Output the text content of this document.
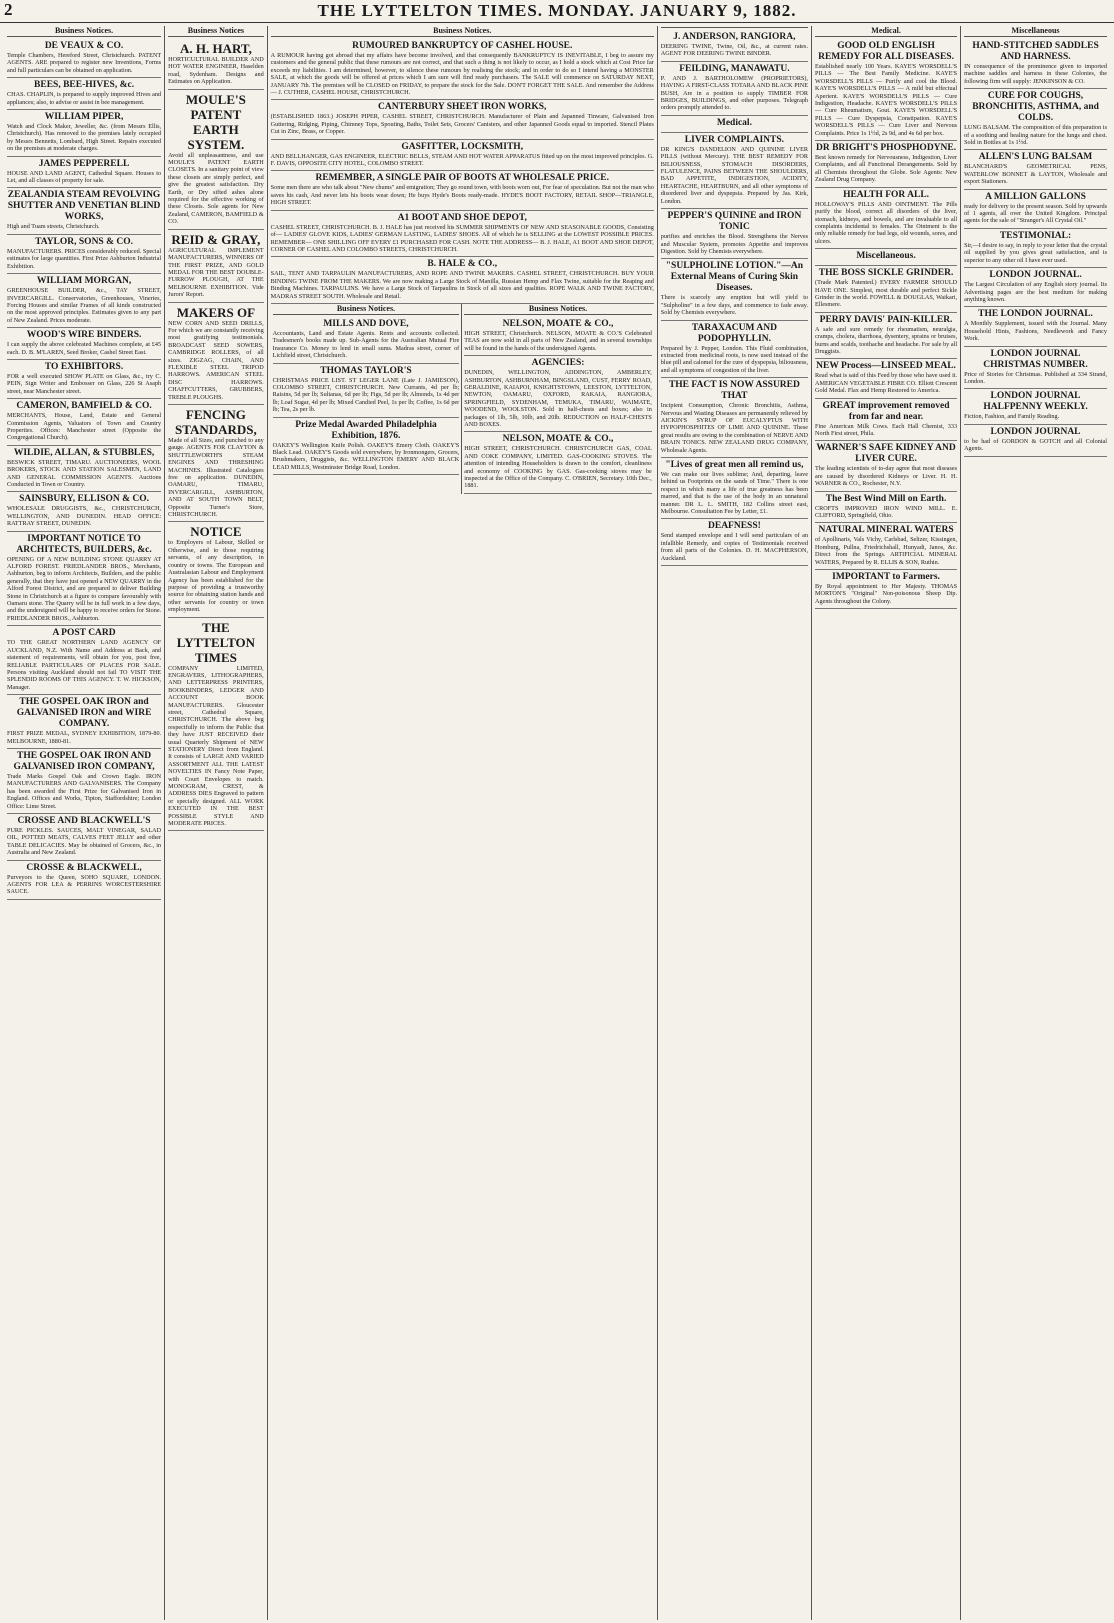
2	THE LYTTELTON TIMES. MONDAY. JANUARY 9, 1882.
Business Notices.
DE VEAUX & CO.
Temple Chambers, Hereford Street, Christchurch. PATENT AGENTS. ARE prepared to register new Inventions, Forms and full particulars can be obtained on application.
BEES, BEE-HIVES, &c.
CHAS. CHAPLIN, is prepared to supply improved Hives and appliances; also, to advise or assist in bee management.
WILLIAM PIPER,
Watch and Clock Maker, Jeweller, &c. (from Messrs Ellis, Christchurch). Has removed to the premises lately occupied by Messrs Bennetts, Lombard, High Street. Repairs executed on the premises at moderate charges.
JAMES PEPPERELL
HOUSE AND LAND AGENT, Cathedral Square. Houses to Let, and all classes of property for sale.
ZEALANDIA STEAM REVOLVING SHUTTER AND VENETIAN BLIND WORKS,
High and Tuam streets, Christchurch.
TAYLOR, SONS & CO.
MANUFACTURERS. PRICES considerably reduced. Special estimates for large quantities. First Prize Ashburton Industrial Exhibition.
WILLIAM MORGAN,
GREENHOUSE BUILDER, &c., TAY STREET, INVERCARGILL. Conservatories, Greenhouses, Vineries, Forcing Houses and similar Frames of all kinds constructed on the most approved principles. Estimates given to any part of New Zealand. Prices moderate.
WOOD'S WIRE BINDERS.
I can supply the above celebrated Machines complete, at £45 each. D. B. M'LAREN, Seed Broker, Cashel Street East.
TO EXHIBITORS.
FOR a well executed SHOW PLATE on Glass, &c., try C. PEIN, Sign Writer and Embosser on Glass, 226 St Asaph street, near Manchester street.
CAMERON, BAMFIELD & CO.
MERCHANTS, House, Land, Estate and General Commission Agents, Valuators of Town and Country Properties. Offices: Manchester street (Opposite the Congregational Church).
WILDIE, ALLAN, & STUBBLES,
BESWICK STREET, TIMARU. AUCTIONEERS, WOOL BROKERS, STOCK AND STATION SALESMEN, LAND AND GENERAL COMMISSION AGENTS. Auctions Conducted in Town or Country.
SAINSBURY, ELLISON & CO.
WHOLESALE DRUGGISTS, &c., CHRISTCHURCH, WELLINGTON, AND DUNEDIN. HEAD OFFICE: RATTRAY STREET, DUNEDIN.
IMPORTANT NOTICE TO ARCHITECTS, BUILDERS, &c.
OPENING OF A NEW BUILDING STONE QUARRY AT ALFORD FOREST. FRIEDLANDER BROS., Merchants, Ashburton, beg to inform Architects, Builders, and the public generally, that they have just opened a NEW QUARRY in the Alford Forest District, and are prepared to deliver Building Stone in Christchurch at a figure to compare favourably with Oamaru stone. The Quarry will be in full work in a few days, and the undersigned will be happy to receive orders for Stone. FRIEDLANDER BROS., Ashburton.
A POST CARD
TO THE GREAT NORTHERN LAND AGENCY OF AUCKLAND, N.Z. With Name and Address at Back, and statement of requirements, will obtain for you, post free, RELIABLE PARTICULARS OF PLACES FOR SALE. Persons visiting Auckland should not fail TO VISIT THE SPLENDID ROOMS OF THIS AGENCY. T. W. HICKSON, Manager.
THE GOSPEL OAK IRON and GALVANISED IRON and WIRE COMPANY.
FIRST PRIZE MEDAL, SYDNEY EXHIBITION, 1879-80. MELBOURNE, 1880-81.
THE GOSPEL OAK IRON AND GALVANISED IRON COMPANY,
Trade Marks Gospel Oak and Crown Eagle. IRON MANUFACTURERS AND GALVANISERS. The Company has been awarded the First Prize for Galvanised Iron in England. Offices and Works, Tipton, Staffordshire; London Office: Lime Street.
CROSSE AND BLACKWELL'S
PURE PICKLES. SAUCES, MALT VINEGAR, SALAD OIL, POTTED MEATS, CALVES FEET JELLY and other TABLE DELICACIES. May be obtained of Grocers, &c., in Australia and New Zealand.
CROSSE & BLACKWELL,
Purveyors to the Queen, SOHO SQUARE, LONDON. AGENTS FOR LEA & PERRINS WORCESTERSHIRE SAUCE.
Business Notices
A. H. HART,
HORTICULTURAL BUILDER AND HOT WATER ENGINEER, Haselden road, Sydenham. Designs and Estimates on Application.
MOULE'S PATENT EARTH SYSTEM.
Avoid all unpleasantness, and use MOULE'S PATENT EARTH CLOSETS. In a sanitary point of view these closets are simply perfect, and give the greatest satisfaction. Dry Earth, or Dry sifted ashes alone required for the effective working of these Closets. Sole agents for New Zealand, CAMERON, BAMFIELD & CO.
REID & GRAY,
AGRICULTURAL IMPLEMENT MANUFACTURERS, WINNERS OF THE FIRST PRIZE, AND GOLD MEDAL FOR THE BEST DOUBLE-FURROW PLOUGH, AT THE MELBOURNE EXHIBITION. Vide Jurors' Report.
MAKERS OF
NEW CORN AND SEED DRILLS, For which we are constantly receiving most gratifying testimonials. BROADCAST SEED SOWERS, CAMBRIDGE ROLLERS, of all sizes. ZIGZAG, CHAIN, AND FLEXIBLE STEEL TRIPOD HARROWS. AMERICAN STEEL DISC HARROWS. CHAFFCUTTERS, GRUBBERS, TREBLE PLOUGHS.
FENCING STANDARDS,
Made of all Sizes, and punched to any gauge. AGENTS FOR CLAYTON & SHUTTLEWORTH'S STEAM ENGINES AND THRESHING MACHINES. Illustrated Catalogues free on application. DUNEDIN, OAMARU, TIMARU, INVERCARGILL, ASHBURTON, AND AT SOUTH TOWN BELT, Opposite Turner's Store, CHRISTCHURCH.
NOTICE
to Employers of Labour, Skilled or Otherwise, and to those requiring servants, of any description, in country or towns. The European and Australasian Labour and Employment Agency has been established for the purpose of providing a trustworthy source for obtaining station hands and other servants for country or town employment.
THE LYTTELTON TIMES
COMPANY LIMITED, ENGRAVERS, LITHOGRAPHERS, AND LETTERPRESS PRINTERS, BOOKBINDERS, LEDGER AND ACCOUNT BOOK MANUFACTURERS. Gloucester street, Cathedral Square, CHRISTCHURCH. The above beg respectfully to inform the Public that they have JUST RECEIVED their usual Quarterly Shipment of NEW STATIONERY Direct from England. It consists of LARGE AND VARIED ASSORTMENT ALL THE LATEST NOVELTIES IN Fancy Note Paper, with Court Envelopes to match. MONOGRAM, CREST, & ADDRESS DIES Engraved to pattern or specially designed. ALL WORK EXECUTED IN THE BEST POSSIBLE STYLE AND MODERATE PRICES.
Business Notices.
RUMOURED BANKRUPTCY OF CASHEL HOUSE.
A RUMOUR having got abroad that my affairs have become involved, and that consequently BANKRUPTCY IS INEVITABLE, I beg to assure my customers and the general public that these rumours are not correct, and that such a thing is not likely to occur, as I hold a stock which at Cost Price far exceeds my liabilities. I am determined, however, to silence these rumours by realising the stock; and in order to do so I intend having a MONSTER SALE, at which the goods will be offered at prices which I am sure will find ready purchasers. The SALE will commence on SATURDAY NEXT, JANUARY 7th. The premises will be CLOSED on FRIDAY, to prepare the stock for the Sale. DON'T FORGET THE SALE. And remember the Address— J. CUTHER, CASHEL HOUSE, CHRISTCHURCH.
CANTERBURY SHEET IRON WORKS,
(ESTABLISHED 1863.) JOSEPH PIPER, CASHEL STREET, CHRISTCHURCH. Manufacturer of Plain and Japanned Tinware, Galvanised Iron Guttering, Ridging, Piping, Chimney Tops, Spouting, Baths, Toilet Sets, Grocers' Canisters, and other Japanned Goods equal to imported. Stencil Plates Cut in Zinc, Brass, or Copper.
GASFITTER, LOCKSMITH,
AND BELLHANGER, GAS ENGINEER, ELECTRIC BELLS, STEAM AND HOT WATER APPARATUS fitted up on the most improved principles. G. F. DAVIS, OPPOSITE CITY HOTEL, COLOMBO STREET.
REMEMBER, A SINGLE PAIR OF BOOTS AT WHOLESALE PRICE.
Some men there are who talk about "New chums" and emigration; They go round town, with boots worn out, For fear of speculation. But not the man who saves his cash, And never lets his boots wear down; He buys Hyde's Boots ready-made. HYDE'S BOOT FACTORY, RETAIL SHOP—TRIANGLE, HIGH STREET.
A1 BOOT AND SHOE DEPOT,
CASHEL STREET, CHRISTCHURCH. B. J. HALE has just received his SUMMER SHIPMENTS OF NEW AND SEASONABLE GOODS, Consisting of— LADIES' GLOVE KIDS, LADIES' GERMAN LASTING, LADIES' SHOES. All of which he is SELLING at the LOWEST POSSIBLE PRICES. REMEMBER— ONE SHILLING OFF EVERY £1 PURCHASED FOR CASH. NOTE THE ADDRESS— B. J. HALE, A1 BOOT AND SHOE DEPOT, CORNER OF CASHEL AND COLOMBO STREETS, CHRISTCHURCH.
B. HALE & CO.,
SAIL, TENT AND TARPAULIN MANUFACTURERS, AND ROPE AND TWINE MAKERS. CASHEL STREET, CHRISTCHURCH. BUY YOUR BINDING TWINE FROM THE MAKERS. We are now making a Large Stock of Manilla, Russian Hemp and Flax Twine, suitable for the Reaping and Binding Machines. TARPAULINS. We have a Large Stock of Tarpaulins in Stock of all sizes and qualities. ROPE WALK AND TWINE FACTORY, MADRAS STREET SOUTH. Wholesale and Retail.
Business Notices.
MILLS AND DOVE,
Accountants, Land and Estate Agents. Rents and accounts collected. Tradesmen's books made up. Sub-Agents for the Australian Mutual Fire Insurance Co. Money to lend in small sums. Madras street, corner of Lichfield street, Christchurch.
THOMAS TAYLOR'S
CHRISTMAS PRICE LIST. ST LEGER LANE (Late J. JAMIESON), COLOMBO STREET, CHRISTCHURCH. New Currants, 4d per lb; Raisins, 5d per lb; Sultanas, 6d per lb; Figs, 5d per lb; Almonds, 1s 4d per lb; Loaf Sugar, 4d per lb; Mixed Candied Peel, 1s per lb; Coffee, 1s 6d per lb; Tea, 2s per lb.
Prize Medal Awarded Philadelphia Exhibition, 1876.
OAKEY'S Wellington Knife Polish. OAKEY'S Emery Cloth. OAKEY'S Black Lead. OAKEY'S Goods sold everywhere, by Ironmongers, Grocers, Brushmakers, Druggists, &c. WELLINGTON EMERY AND BLACK LEAD MILLS, Westminster Bridge Road, London.
Business Notices.
NELSON, MOATE & CO.,
HIGH STREET, Christchurch. NELSON, MOATE & CO.'S Celebrated TEAS are now sold in all parts of New Zealand, and in several townships will be found in the hands of the undersigned Agents.
AGENCIES:
DUNEDIN, WELLINGTON, ADDINGTON, AMBERLEY, ASHBURTON, ASHBURNHAM, BINGSLAND, CUST, FERRY ROAD, GERALDINE, KAIAPOI, KNIGHTSTOWN, LEESTON, LYTTELTON, NEWTON, OAMARU, OXFORD, RAKAIA, RANGIORA, SPRINGFIELD, SYDENHAM, TEMUKA, TIMARU, WAIMATE, WOODEND, WOOLSTON. Sold in half-chests and boxes; also in packages of 1lb, 5lb, 10lb, and 20lb. REDUCTION on HALF-CHESTS AND BOXES.
NELSON, MOATE & CO.,
HIGH STREET, CHRISTCHURCH. CHRISTCHURCH GAS, COAL AND COKE COMPANY, LIMITED. GAS-COOKING STOVES. The attention of intending Householders is drawn to the comfort, cleanliness and economy of COOKING by GAS. Gas-cooking stoves may be inspected at the Office of the Company. C. O'BRIEN, Secretary. 10th Dec., 1881.
J. ANDERSON, RANGIORA,
DEERING TWINE, Twine, Oil, &c., at current rates. AGENT FOR DEERING TWINE BINDER.
FEILDING, MANAWATU.
P. AND J. BARTHOLOMEW (PROPRIETORS), HAVING A FIRST-CLASS TOTARA AND BLACK PINE BUSH, Are in a position to supply TIMBER FOR BRIDGES, BUILDINGS, and other purposes. Telegraph orders promptly attended to.
Medical.
LIVER COMPLAINTS.
DR KING'S DANDELION AND QUININE LIVER PILLS (without Mercury). THE BEST REMEDY FOR BILIOUSNESS, STOMACH DISORDERS, FLATULENCE, PAINS BETWEEN THE SHOULDERS, BAD APPETITE, INDIGESTION, ACIDITY, HEARTACHE, HEARTBURN, and all other symptoms of disordered liver and dyspepsia. Prepared by Jas. Kirk, London.
PEPPER'S QUININE and IRON TONIC
purifies and enriches the Blood. Strengthens the Nerves and Muscular System, promotes Appetite and improves Digestion. Sold by Chemists everywhere.
"SULPHOLINE LOTION."—An External Means of Curing Skin Diseases.
There is scarcely any eruption but will yield to "Sulpholine" in a few days, and commence to fade away. Sold by Chemists everywhere.
TARAXACUM AND PODOPHYLLIN.
Prepared by J. Pepper, London. This Fluid combination, extracted from medicinal roots, is now used instead of the blue pill and calomel for the cure of dyspepsia, biliousness, and all symptoms of congestion of the liver.
THE FACT IS NOW ASSURED THAT
Incipient Consumption, Chronic Bronchitis, Asthma, Nervous and Wasting Diseases are permanently relieved by AICKIN'S SYRUP OF EUCALYPTUS WITH HYPOPHOSPHITES OF LIME AND QUININE. These great results are owing to the combination of NERVE AND BRAIN TONICS. NEW ZEALAND DRUG COMPANY, Wholesale Agents.
"Lives of great men all remind us,
We can make our lives sublime; And, departing, leave behind us Footprints on the sands of Time." There is one respect in which many a life of true greatness has been marred, and that is the use of the body in an unnatural manner. DR L. L. SMITH, 182 Collins street east, Melbourne. Consultation Fee by Letter, £1.
DEAFNESS!
Send stamped envelope and I will send particulars of an infallible Remedy, and copies of Testimonials received from all parts of the Colonies. D. H. MACPHERSON, Auckland.
Medical.
GOOD OLD ENGLISH REMEDY FOR ALL DISEASES.
Established nearly 100 Years. KAYE'S WORSDELL'S PILLS — The Best Family Medicine. KAYE'S WORSDELL'S PILLS — Purify and cool the Blood. KAYE'S WORSDELL'S PILLS — A mild but effectual Aperient. KAYE'S WORSDELL'S PILLS — Cure Indigestion, Headache. KAYE'S WORSDELL'S PILLS — Cure Rheumatism, Gout. KAYE'S WORSDELL'S PILLS — Cure Dyspepsia, Constipation. KAYE'S WORSDELL'S PILLS — Cure Liver and Nervous Complaints. Price 1s 1½d, 2s 9d, and 4s 6d per box.
DR BRIGHT'S PHOSPHODYNE.
Best known remedy for Nervousness, Indigestion, Liver Complaints, and all Functional Derangements. Sold by all Chemists throughout the Globe. Sole Agents: New Zealand Drug Company.
HEALTH FOR ALL.
HOLLOWAY'S PILLS AND OINTMENT. The Pills purify the blood, correct all disorders of the liver, stomach, kidneys, and bowels, and are invaluable to all complaints incidental to females. The Ointment is the only reliable remedy for bad legs, old wounds, sores, and ulcers.
Miscellaneous.
THE BOSS SICKLE GRINDER.
(Trade Mark Patented.) EVERY FARMER SHOULD HAVE ONE. Simplest, most durable and perfect Sickle Grinder in the world. FOWELL & DOUGLAS, Waikari, Ellesmere.
PERRY DAVIS' PAIN-KILLER.
A safe and sure remedy for rheumatism, neuralgia, cramps, cholera, diarrhoea, dysentery, sprains or bruises, burns and scalds, toothache and headache. For sale by all Druggists.
NEW Process—LINSEED MEAL.
Read what is said of this Feed by those who have used it. AMERICAN VEGETABLE FIBRE CO. Elliott Crescent Gold Medal. Flax and Hemp Restored to America.
GREAT improvement removed from far and near.
Fine American Milk Cows. Each Hall Chemist, 333 North First street, Phila.
WARNER'S SAFE KIDNEY AND LIVER CURE.
The leading scientists of to-day agree that most diseases are caused by disordered Kidneys or Liver. H. H. WARNER & CO., Rochester, N.Y.
The Best Wind Mill on Earth.
CROFTS IMPROVED IRON WIND MILL. E. CLIFFORD, Springfield, Ohio.
NATURAL MINERAL WATERS
of Apollinaris, Vals Vichy, Carlsbad, Seltzer, Kissingen, Homburg, Pullna, Friedrichshall, Hunyadi, Janos, &c. Direct from the Springs. ARTIFICIAL MINERAL WATERS, Prepared by R. ELLIS & SON, Ruthin.
IMPORTANT to Farmers.
By Royal appointment to Her Majesty. THOMAS MORTON'S "Original" Non-poisonous Sheep Dip. Agents throughout the Colony.
Miscellaneous
HAND-STITCHED SADDLES AND HARNESS.
IN consequence of the prominence given to imported machine saddles and harness in these Colonies, the following firm will supply: JENKINSON & CO.
CURE FOR COUGHS, BRONCHITIS, ASTHMA, and COLDS.
LUNG BALSAM. The composition of this preparation is of a soothing and healing nature for the lungs and chest. Sold in Bottles at 1s 1½d.
ALLEN'S LUNG BALSAM
BLANCHARD'S GEOMETRICAL PENS, WATERLOW BONNET & LAYTON, Wholesale and export Stationers.
A MILLION GALLONS
ready for delivery to the present season. Sold by upwards of 1 agents, all over the United Kingdom. Principal agents for the sale of "Stranger's All Crystal Oil."
TESTIMONIAL:
Sir,—I desire to say, in reply to your letter that the crystal oil supplied by you gives great satisfaction, and is superior to any other oil I have ever used.
LONDON JOURNAL.
The Largest Circulation of any English story journal. Its Advertising pages are the best medium for making anything known.
THE LONDON JOURNAL.
A Monthly Supplement, issued with the Journal. Many Household Hints, Fashions, Needlework and Fancy Work.
LONDON JOURNAL CHRISTMAS NUMBER.
Price of Stories for Christmas. Published at 334 Strand, London.
LONDON JOURNAL HALFPENNY WEEKLY.
Fiction, Fashion, and Family Reading.
LONDON JOURNAL
to be had of GORDON & GOTCH and all Colonial Agents.
